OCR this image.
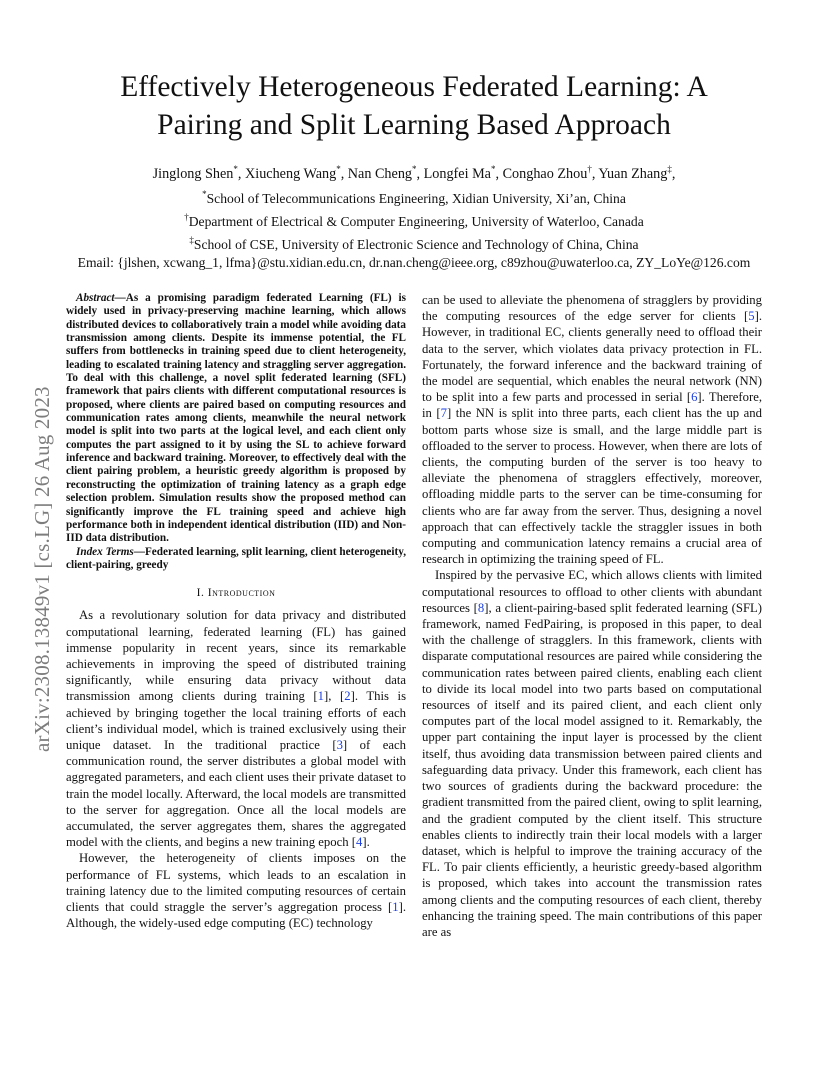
Effectively Heterogeneous Federated Learning: A
Pairing and Split Learning Based Approach
Jinglong Shen*, Xiucheng Wang*, Nan Cheng*, Longfei Ma*, Conghao Zhou†, Yuan Zhang‡,
*School of Telecommunications Engineering, Xidian University, Xi’an, China
†Department of Electrical & Computer Engineering, University of Waterloo, Canada
‡School of CSE, University of Electronic Science and Technology of China, China
Email: {jlshen, xcwang_1, lfma}@stu.xidian.edu.cn, dr.nan.cheng@ieee.org, c89zhou@uwaterloo.ca, ZY_LoYe@126.com
arXiv:2308.13849v1 [cs.LG] 26 Aug 2023

Abstract—As a promising paradigm federated Learning (FL) is widely used in privacy-preserving machine learning, which allows distributed devices to collaboratively train a model while avoiding data transmission among clients. Despite its immense potential, the FL suffers from bottlenecks in training speed due to client heterogeneity, leading to escalated training latency and straggling server aggregation. To deal with this challenge, a novel split federated learning (SFL) framework that pairs clients with different computational resources is proposed, where clients are paired based on computing resources and communication rates among clients, meanwhile the neural network model is split into two parts at the logical level, and each client only computes the part assigned to it by using the SL to achieve forward inference and backward training. Moreover, to effectively deal with the client pairing problem, a heuristic greedy algorithm is proposed by reconstructing the optimization of training latency as a graph edge selection problem. Simulation results show the proposed method can significantly improve the FL training speed and achieve high performance both in independent identical distribution (IID) and Non-IID data distribution.

Index Terms—Federated learning, split learning, client heterogeneity, client-pairing, greedy

I. Introduction

As a revolutionary solution for data privacy and distributed computational learning, federated learning (FL) has gained immense popularity in recent years, since its remarkable achievements in improving the speed of distributed training significantly, while ensuring data privacy without data transmission among clients during training [ 1 ] , [ 2 ] . This is achieved by bringing together the local training efforts of each client’s individual model, which is trained exclusively using their unique dataset. In the traditional practice [ 3 ] of each communication round, the server distributes a global model with aggregated parameters, and each client uses their private dataset to train the model locally. Afterward, the local models are transmitted to the server for aggregation. Once all the local models are accumulated, the server aggregates them, shares the aggregated model with the clients, and begins a new training epoch [ 4 ] .

However, the heterogeneity of clients imposes on the performance of FL systems, which leads to an escalation in training latency due to the limited computing resources of certain clients that could straggle the server’s aggregation process [ 1 ] . Although, the widely-used edge computing (EC) technology

can be used to alleviate the phenomena of stragglers by providing the computing resources of the edge server for clients [ 5 ] . However, in traditional EC, clients generally need to offload their data to the server, which violates data privacy protection in FL. Fortunately, the forward inference and the backward training of the model are sequential, which enables the neural network (NN) to be split into a few parts and processed in serial [ 6 ] . Therefore, in [ 7 ] the NN is split into three parts, each client has the up and bottom parts whose size is small, and the large middle part is offloaded to the server to process. However, when there are lots of clients, the computing burden of the server is too heavy to alleviate the phenomena of stragglers effectively, moreover, offloading middle parts to the server can be time-consuming for clients who are far away from the server. Thus, designing a novel approach that can effectively tackle the straggler issues in both computing and communication latency remains a crucial area of research in optimizing the training speed of FL.

Inspired by the pervasive EC, which allows clients with limited computational resources to offload to other clients with abundant resources [ 8 ] , a client-pairing-based split federated learning (SFL) framework, named FedPairing, is proposed in this paper, to deal with the challenge of stragglers. In this framework, clients with disparate computational resources are paired while considering the communication rates between paired clients, enabling each client to divide its local model into two parts based on computational resources of itself and its paired client, and each client only computes part of the local model assigned to it. Remarkably, the upper part containing the input layer is processed by the client itself, thus avoiding data transmission between paired clients and safeguarding data privacy. Under this framework, each client has two sources of gradients during the backward procedure: the gradient transmitted from the paired client, owing to split learning, and the gradient computed by the client itself. This structure enables clients to indirectly train their local models with a larger dataset, which is helpful to improve the training accuracy of the FL. To pair clients efficiently, a heuristic greedy-based algorithm is proposed, which takes into account the transmission rates among clients and the computing resources of each client, thereby enhancing the training speed. The main contributions of this paper are as
